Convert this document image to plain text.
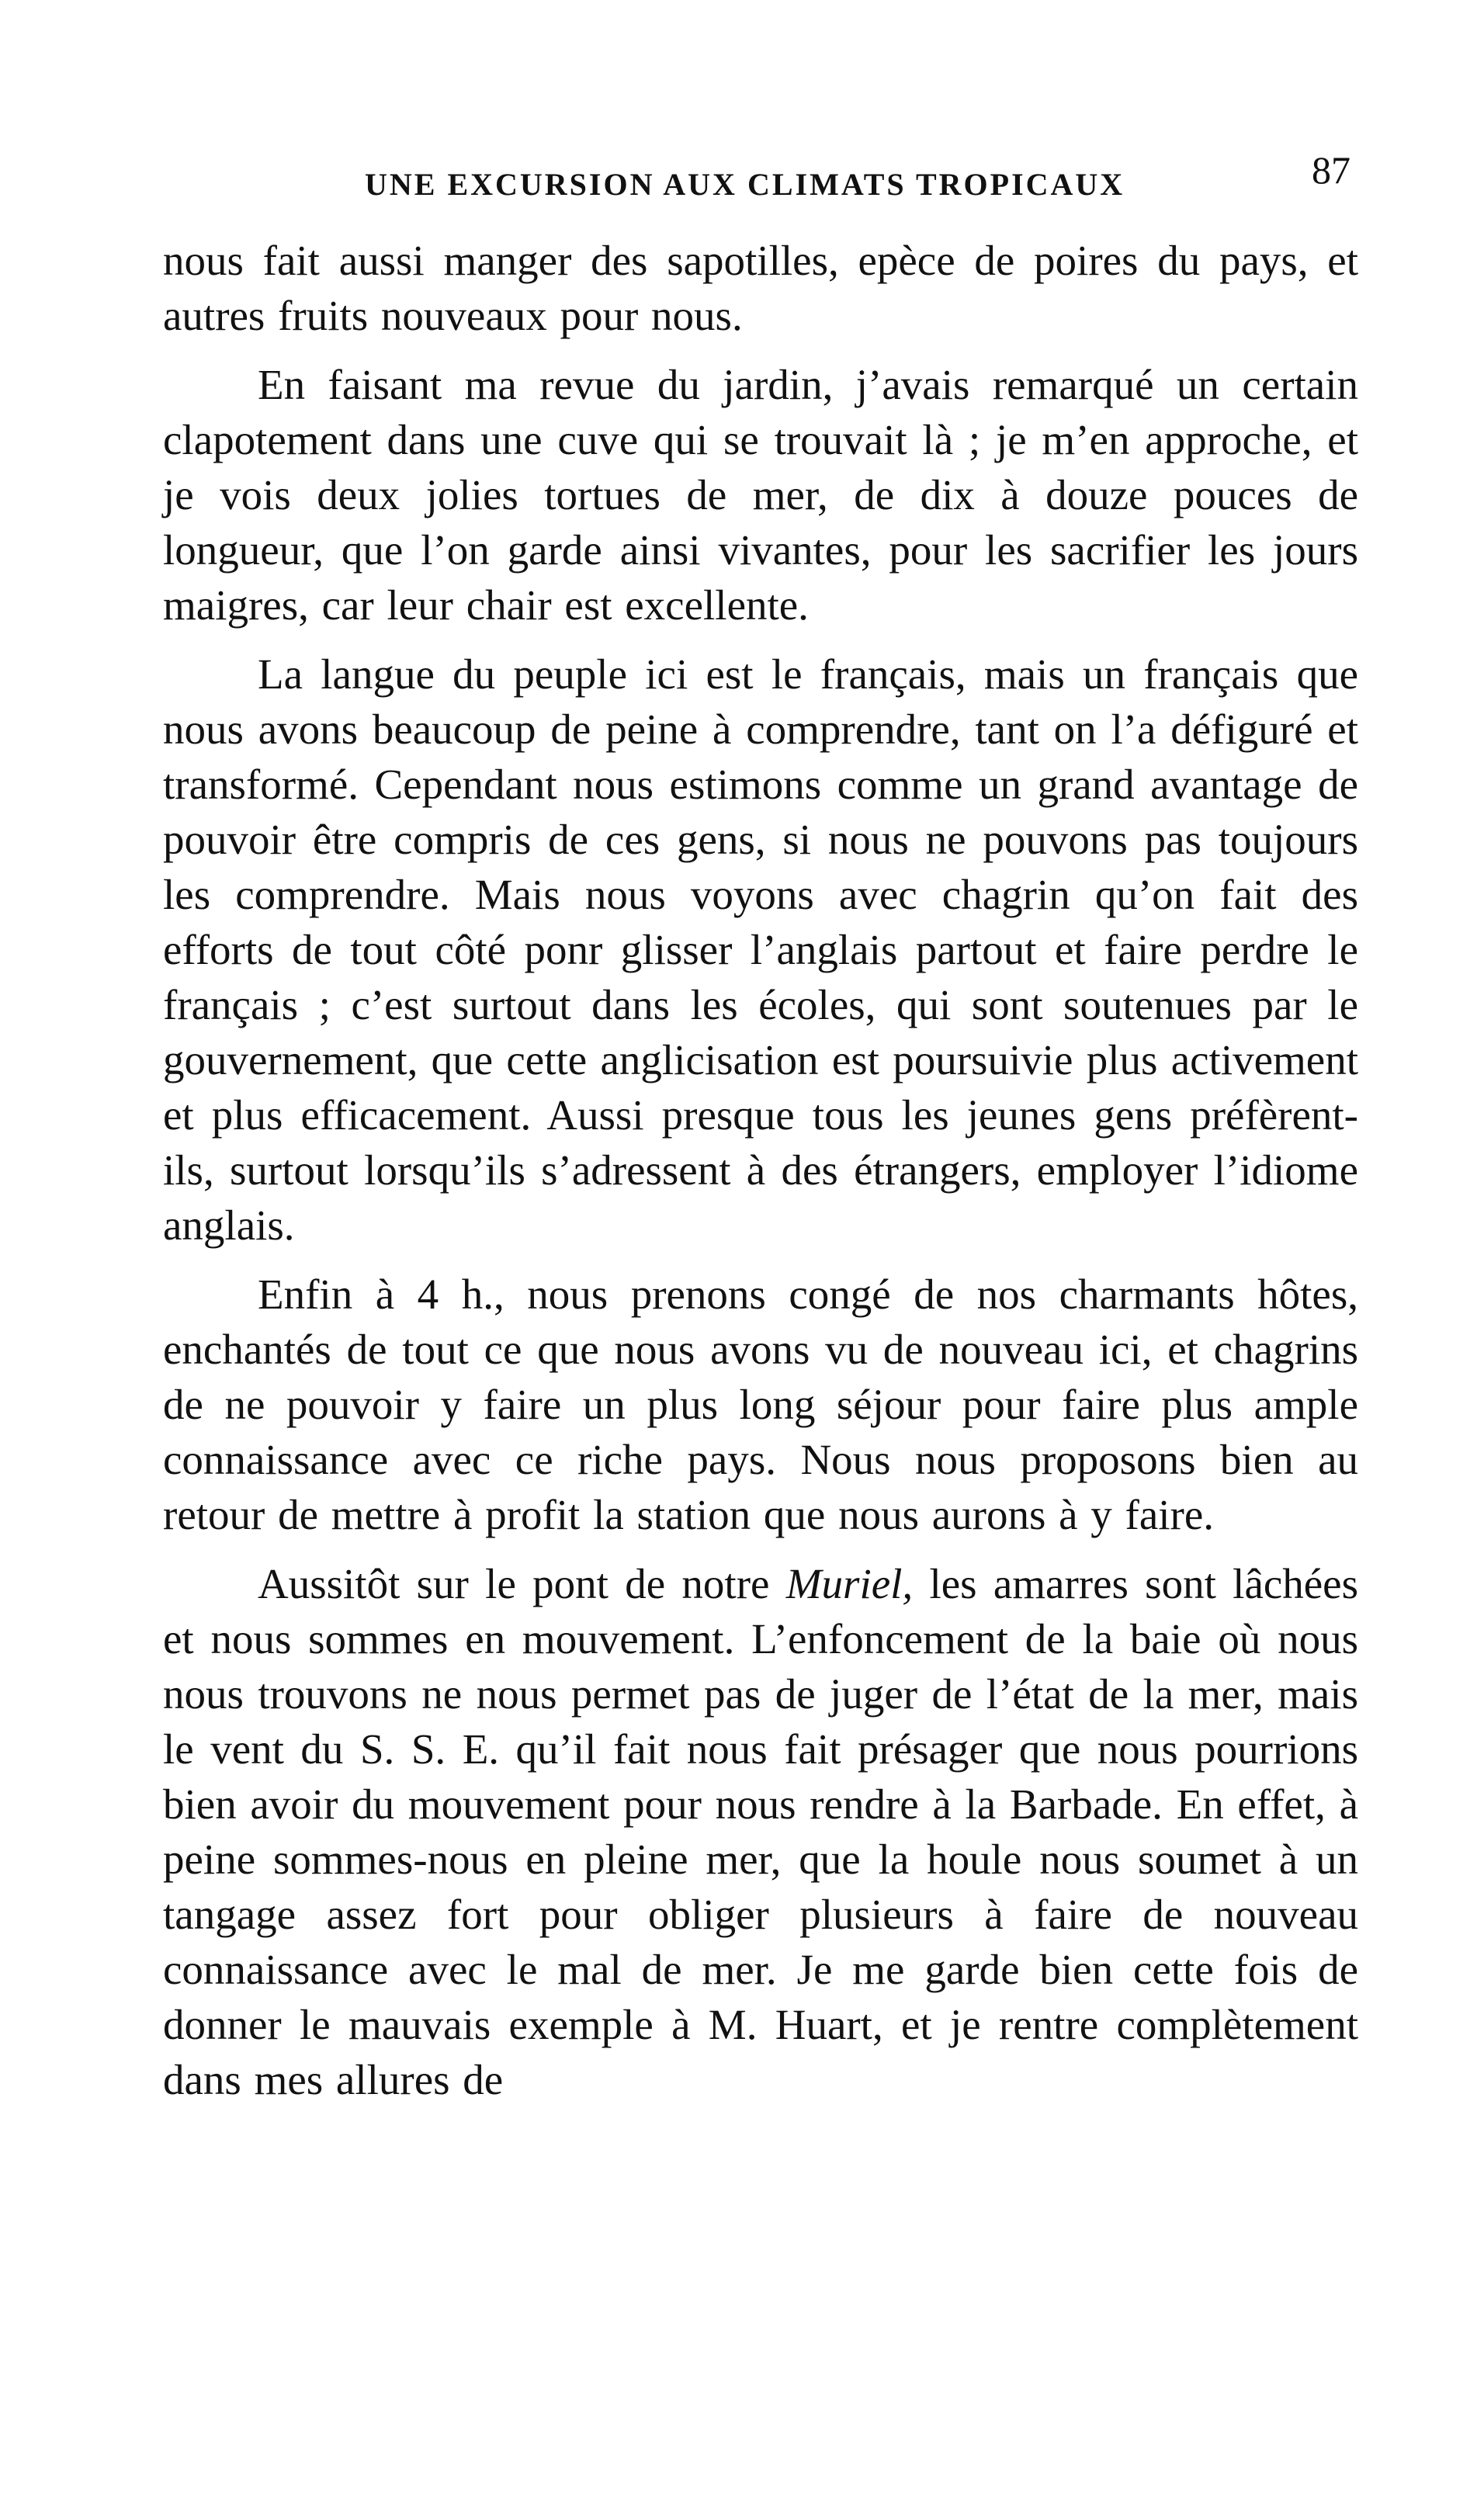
UNE EXCURSION AUX CLIMATS TROPICAUX	87

nous fait aussi manger des sapotilles, epèce de poires du pays, et autres fruits nouveaux pour nous.

En faisant ma revue du jardin, j’avais remarqué un certain clapotement dans une cuve qui se trouvait là ; je m’en approche, et je vois deux jolies tortues de mer, de dix à douze pouces de longueur, que l’on garde ainsi vivantes, pour les sacrifier les jours maigres, car leur chair est excellente.

La langue du peuple ici est le français, mais un français que nous avons beaucoup de peine à comprendre, tant on l’a défiguré et transformé. Cependant nous estimons comme un grand avantage de pouvoir être compris de ces gens, si nous ne pouvons pas toujours les comprendre. Mais nous voyons avec chagrin qu’on fait des efforts de tout côté ponr glisser l’anglais partout et faire perdre le français ; c’est surtout dans les écoles, qui sont soutenues par le gouvernement, que cette anglicisation est poursuivie plus activement et plus efficacement. Aussi presque tous les jeunes gens préfèrent-ils, surtout lorsqu’ils s’adressent à des étrangers, employer l’idiome anglais.

Enfin à 4 h., nous prenons congé de nos charmants hôtes, enchantés de tout ce que nous avons vu de nouveau ici, et chagrins de ne pouvoir y faire un plus long séjour pour faire plus ample connaissance avec ce riche pays. Nous nous proposons bien au retour de mettre à profit la station que nous aurons à y faire.

Aussitôt sur le pont de notre Muriel, les amarres sont lâchées et nous sommes en mouvement. L’enfoncement de la baie où nous nous trouvons ne nous permet pas de juger de l’état de la mer, mais le vent du S. S. E. qu’il fait nous fait présager que nous pourrions bien avoir du mouvement pour nous rendre à la Barbade. En effet, à peine sommes-nous en pleine mer, que la houle nous soumet à un tangage assez fort pour obliger plusieurs à faire de nouveau connaissance avec le mal de mer. Je me garde bien cette fois de donner le mauvais exemple à M. Huart, et je rentre complètement dans mes allures de
